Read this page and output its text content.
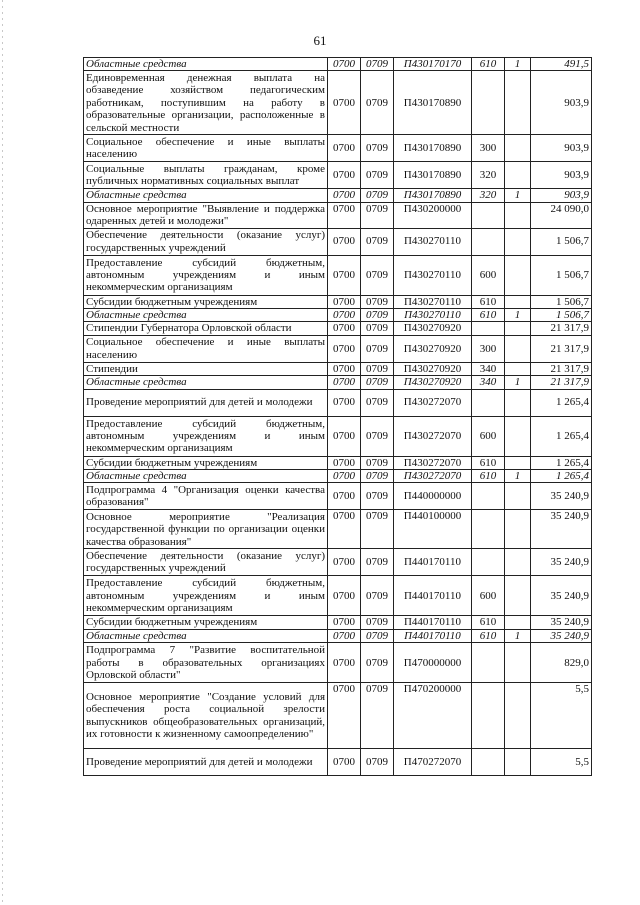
61
Областные средства	0700	0709	П430170170	610	1	491,5
Единовременная денежная выплата на обзаведение хозяйством педагогическим работникам, поступившим на работу в образовательные организации, расположенные в сельской местности	0700	0709	П430170890			903,9
Социальное обеспечение и иные выплаты населению	0700	0709	П430170890	300		903,9
Социальные выплаты гражданам, кроме публичных нормативных социальных выплат	0700	0709	П430170890	320		903,9
Областные средства	0700	0709	П430170890	320	1	903,9
Основное мероприятие "Выявление и поддержка одаренных детей и молодежи"	0700	0709	П430200000			24 090,0
Обеспечение деятельности (оказание услуг) государственных учреждений	0700	0709	П430270110			1 506,7
Предоставление субсидий бюджетным, автономным учреждениям и иным некоммерческим организациям	0700	0709	П430270110	600		1 506,7
Субсидии бюджетным учреждениям	0700	0709	П430270110	610		1 506,7
Областные средства	0700	0709	П430270110	610	1	1 506,7
Стипендии Губернатора Орловской области	0700	0709	П430270920			21 317,9
Социальное обеспечение и иные выплаты населению	0700	0709	П430270920	300		21 317,9
Стипендии	0700	0709	П430270920	340		21 317,9
Областные средства	0700	0709	П430270920	340	1	21 317,9
Проведение мероприятий для детей и молодежи	0700	0709	П430272070			1 265,4
Предоставление субсидий бюджетным, автономным учреждениям и иным некоммерческим организациям	0700	0709	П430272070	600		1 265,4
Субсидии бюджетным учреждениям	0700	0709	П430272070	610		1 265,4
Областные средства	0700	0709	П430272070	610	1	1 265,4
Подпрограмма 4 "Организация оценки качества образования"	0700	0709	П440000000			35 240,9
Основное мероприятие "Реализация государственной функции по организации оценки качества образования"	0700	0709	П440100000			35 240,9
Обеспечение деятельности (оказание услуг) государственных учреждений	0700	0709	П440170110			35 240,9
Предоставление субсидий бюджетным, автономным учреждениям и иным некоммерческим организациям	0700	0709	П440170110	600		35 240,9
Субсидии бюджетным учреждениям	0700	0709	П440170110	610		35 240,9
Областные средства	0700	0709	П440170110	610	1	35 240,9
Подпрограмма 7 "Развитие воспитательной работы в образовательных организациях Орловской области"	0700	0709	П470000000			829,0
Основное мероприятие "Создание условий для обеспечения роста социальной зрелости выпускников общеобразовательных организаций, их готовности к жизненному самоопределению"	0700	0709	П470200000			5,5
Проведение мероприятий для детей и молодежи	0700	0709	П470272070			5,5
